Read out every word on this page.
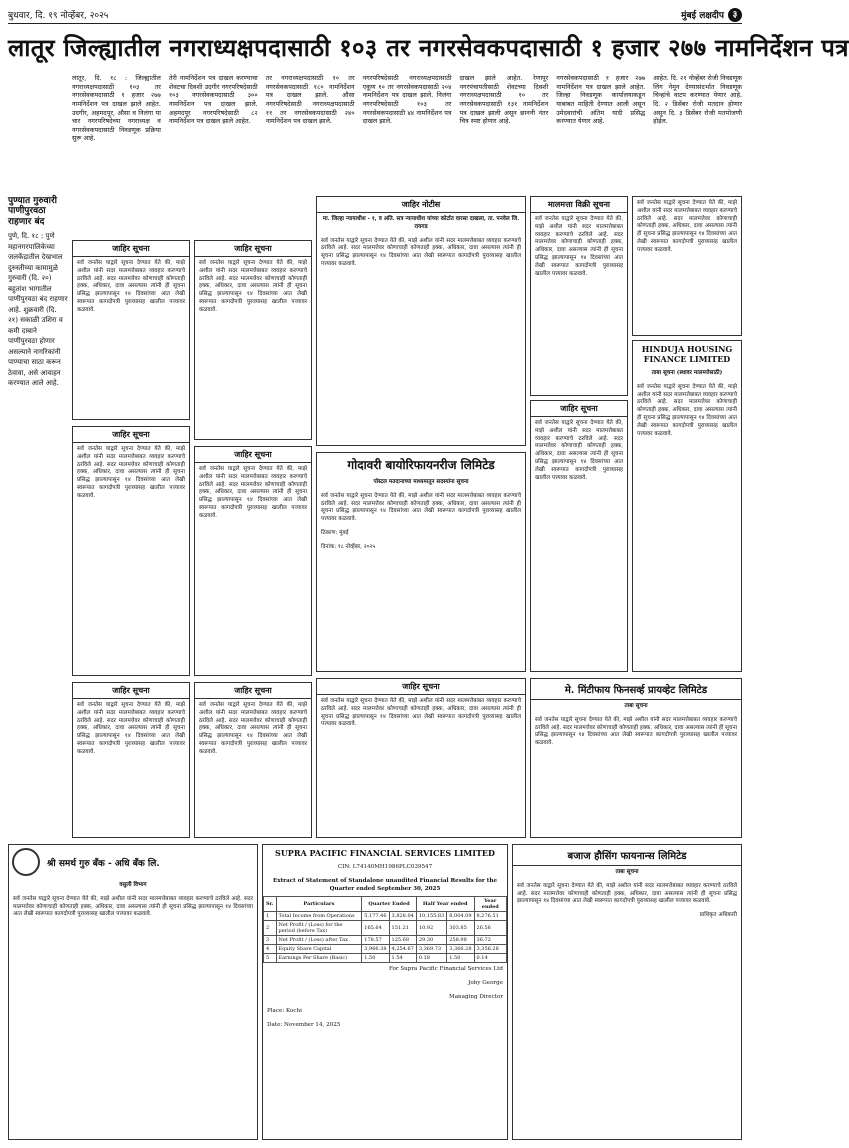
बुधवार, दि. १९ नोव्हेंबर, २०२५	मुंबई लक्षदीप ३
लातूर जिल्ह्यातील नगराध्यक्षपदासाठी १०३ तर नगरसेवकपदासाठी १ हजार २७७ नामनिर्देशन पत्र

लातूर, दि. १८ : जिल्ह्यातील नगराध्यक्षपदासाठी १०३ तर नगरसेवकपदासाठी १ हजार २७७ नामनिर्देशन पत्र दाखल झाले आहेत. उदगीर, अहमदपूर, औसा व निलंगा या चार नगरपरिषदेच्या नगराध्यक्ष व नगरसेवकपदासाठी निवडणूक प्रक्रिया सुरू आहे.

तेरी नामनिर्देशन पत्र दाखल करण्याचा शेवटचा दिवशी उदगीर नगरपरिषदेसाठी १०३ नगरसेवकपदासाठी ३०० नामनिर्देशन पत्र दाखल झाले. अहमदपूर नगरपरिषदेसाठी ८२ नामनिर्देशन पत्र दाखल झाले आहेत.

तर नगराध्यक्षपदासाठी १० तर नगरसेवकपदासाठी १८० नामनिर्देशन पत्र दाखल झाले. औसा नगरपरिषदेसाठी नगराध्यक्षपदासाठी ११ तर नगरसेवकपदासाठी २४० नामनिर्देशन पत्र दाखल झाले.

नगरपरिषदेसाठी नगराध्यक्षपदासाठी एकूण १० तर नगरसेवकपदासाठी २०४ नामनिर्देशन पत्र दाखल झाले. निलंगा नगरपरिषदेसाठी १०३ तर नगरसेवकपदासाठी ४४ नामनिर्देशन पत्र दाखल झाले.

दाखल झाले आहेत. रेणापूर नगरपंचायतीसाठी शेवटच्या दिवशी नगराध्यक्षपदासाठी १० तर नगरसेवकपदासाठी १३१ नामनिर्देशन पत्र दाखल झाली असून छाननी नंतर चित्र स्पष्ट होणार आहे.

नगरसेवकपदासाठी १ हजार २७७ नामनिर्देशन पत्र दाखल झाले आहेत. जिल्हा निवडणूक कार्यालयाकडून याबाबत माहिती देण्यात आली असून उमेदवारांची अंतिम यादी प्रसिद्ध करण्यात येणार आहे.

आहेत. दि. २१ नोव्हेंबर रोजी निवडणूक लिंग नेमून देण्यासंदर्भात निवडणूक चिन्हांचे वाटप करण्यात येणार आहे. दि. २ डिसेंबर रोजी मतदान होणार असून दि. ३ डिसेंबर रोजी मतमोजणी होईल.

पुण्यात गुरुवारी पाणीपुरवठा राहणार बंद
पुणे, दि. १८ : पुणे महानगरपालिकेच्या जलकेंद्रातील देखभाल दुरुस्तीच्या कामामुळे गुरुवारी (दि. २०) बहुतांश भागातील पाणीपुरवठा बंद राहणार आहे. शुक्रवारी (दि. २१) सकाळी उशिरा व कमी दाबाने पाणीपुरवठा होणार असल्याने नागरिकांनी पाण्याचा साठा करून ठेवावा, असे आवाहन करण्यात आले आहे.
जाहिर सूचना
सर्व जनतेस याद्वारे सूचना देण्यात येते की, माझे अशील यांनी सदर मालमत्तेबाबत व्यवहार करण्याचे ठरविले आहे. सदर मालमत्तेवर कोणाचाही कोणताही हक्क, अधिकार, दावा असल्यास त्यांनी ही सूचना प्रसिद्ध झाल्यापासून १४ दिवसांच्या आत लेखी स्वरूपात कागदोपत्री पुराव्यासह खालील पत्त्यावर कळवावे.
जाहिर सूचना
सर्व जनतेस याद्वारे सूचना देण्यात येते की, माझे अशील यांनी सदर मालमत्तेबाबत व्यवहार करण्याचे ठरविले आहे. सदर मालमत्तेवर कोणाचाही कोणताही हक्क, अधिकार, दावा असल्यास त्यांनी ही सूचना प्रसिद्ध झाल्यापासून १४ दिवसांच्या आत लेखी स्वरूपात कागदोपत्री पुराव्यासह खालील पत्त्यावर कळवावे.
जाहिर सूचना
सर्व जनतेस याद्वारे सूचना देण्यात येते की, माझे अशील यांनी सदर मालमत्तेबाबत व्यवहार करण्याचे ठरविले आहे. सदर मालमत्तेवर कोणाचाही कोणताही हक्क, अधिकार, दावा असल्यास त्यांनी ही सूचना प्रसिद्ध झाल्यापासून १४ दिवसांच्या आत लेखी स्वरूपात कागदोपत्री पुराव्यासह खालील पत्त्यावर कळवावे.
जाहिर सूचना
सर्व जनतेस याद्वारे सूचना देण्यात येते की, माझे अशील यांनी सदर मालमत्तेबाबत व्यवहार करण्याचे ठरविले आहे. सदर मालमत्तेवर कोणाचाही कोणताही हक्क, अधिकार, दावा असल्यास त्यांनी ही सूचना प्रसिद्ध झाल्यापासून १४ दिवसांच्या आत लेखी स्वरूपात कागदोपत्री पुराव्यासह खालील पत्त्यावर कळवावे.
जाहिर सूचना
सर्व जनतेस याद्वारे सूचना देण्यात येते की, माझे अशील यांनी सदर मालमत्तेबाबत व्यवहार करण्याचे ठरविले आहे. सदर मालमत्तेवर कोणाचाही कोणताही हक्क, अधिकार, दावा असल्यास त्यांनी ही सूचना प्रसिद्ध झाल्यापासून १४ दिवसांच्या आत लेखी स्वरूपात कागदोपत्री पुराव्यासह खालील पत्त्यावर कळवावे.
जाहिर सूचना
सर्व जनतेस याद्वारे सूचना देण्यात येते की, माझे अशील यांनी सदर मालमत्तेबाबत व्यवहार करण्याचे ठरविले आहे. सदर मालमत्तेवर कोणाचाही कोणताही हक्क, अधिकार, दावा असल्यास त्यांनी ही सूचना प्रसिद्ध झाल्यापासून १४ दिवसांच्या आत लेखी स्वरूपात कागदोपत्री पुराव्यासह खालील पत्त्यावर कळवावे.
जाहिर नोटीस
मा. जिल्हा न्यायाधीश - १, व अति. सत्र न्यायाधीश यांच्या कोर्टात वारसा दाखला, ता. पनवेल जि. रायगड
सर्व जनतेस याद्वारे सूचना देण्यात येते की, माझे अशील यांनी सदर मालमत्तेबाबत व्यवहार करण्याचे ठरविले आहे. सदर मालमत्तेवर कोणाचाही कोणताही हक्क, अधिकार, दावा असल्यास त्यांनी ही सूचना प्रसिद्ध झाल्यापासून १४ दिवसांच्या आत लेखी स्वरूपात कागदोपत्री पुराव्यासह खालील पत्त्यावर कळवावे.
गोदावरी बायोरिफायनरीज लिमिटेड
पोस्टल मतदानाच्या माध्यमातून सदस्यांना सूचना
सर्व जनतेस याद्वारे सूचना देण्यात येते की, माझे अशील यांनी सदर मालमत्तेबाबत व्यवहार करण्याचे ठरविले आहे. सदर मालमत्तेवर कोणाचाही कोणताही हक्क, अधिकार, दावा असल्यास त्यांनी ही सूचना प्रसिद्ध झाल्यापासून १४ दिवसांच्या आत लेखी स्वरूपात कागदोपत्री पुराव्यासह खालील पत्त्यावर कळवावे.
ठिकाण: मुंबई
दिनांक: १८ नोव्हेंबर, २०२५
मालमत्ता विक्री सूचना
सर्व जनतेस याद्वारे सूचना देण्यात येते की, माझे अशील यांनी सदर मालमत्तेबाबत व्यवहार करण्याचे ठरविले आहे. सदर मालमत्तेवर कोणाचाही कोणताही हक्क, अधिकार, दावा असल्यास त्यांनी ही सूचना प्रसिद्ध झाल्यापासून १४ दिवसांच्या आत लेखी स्वरूपात कागदोपत्री पुराव्यासह खालील पत्त्यावर कळवावे.
जाहिर सूचना
सर्व जनतेस याद्वारे सूचना देण्यात येते की, माझे अशील यांनी सदर मालमत्तेबाबत व्यवहार करण्याचे ठरविले आहे. सदर मालमत्तेवर कोणाचाही कोणताही हक्क, अधिकार, दावा असल्यास त्यांनी ही सूचना प्रसिद्ध झाल्यापासून १४ दिवसांच्या आत लेखी स्वरूपात कागदोपत्री पुराव्यासह खालील पत्त्यावर कळवावे.
सर्व जनतेस याद्वारे सूचना देण्यात येते की, माझे अशील यांनी सदर मालमत्तेबाबत व्यवहार करण्याचे ठरविले आहे. सदर मालमत्तेवर कोणाचाही कोणताही हक्क, अधिकार, दावा असल्यास त्यांनी ही सूचना प्रसिद्ध झाल्यापासून १४ दिवसांच्या आत लेखी स्वरूपात कागदोपत्री पुराव्यासह खालील पत्त्यावर कळवावे.
HINDUJA HOUSING FINANCE LIMITED
ताबा सूचना (स्थावर मालमत्तेसाठी)
सर्व जनतेस याद्वारे सूचना देण्यात येते की, माझे अशील यांनी सदर मालमत्तेबाबत व्यवहार करण्याचे ठरविले आहे. सदर मालमत्तेवर कोणाचाही कोणताही हक्क, अधिकार, दावा असल्यास त्यांनी ही सूचना प्रसिद्ध झाल्यापासून १४ दिवसांच्या आत लेखी स्वरूपात कागदोपत्री पुराव्यासह खालील पत्त्यावर कळवावे.
जाहिर सूचना
सर्व जनतेस याद्वारे सूचना देण्यात येते की, माझे अशील यांनी सदर मालमत्तेबाबत व्यवहार करण्याचे ठरविले आहे. सदर मालमत्तेवर कोणाचाही कोणताही हक्क, अधिकार, दावा असल्यास त्यांनी ही सूचना प्रसिद्ध झाल्यापासून १४ दिवसांच्या आत लेखी स्वरूपात कागदोपत्री पुराव्यासह खालील पत्त्यावर कळवावे.
मे. मिंटीफाय फिनसर्व्ह प्रायव्हेट लिमिटेड
ताबा सूचना
सर्व जनतेस याद्वारे सूचना देण्यात येते की, माझे अशील यांनी सदर मालमत्तेबाबत व्यवहार करण्याचे ठरविले आहे. सदर मालमत्तेवर कोणाचाही कोणताही हक्क, अधिकार, दावा असल्यास त्यांनी ही सूचना प्रसिद्ध झाल्यापासून १४ दिवसांच्या आत लेखी स्वरूपात कागदोपत्री पुराव्यासह खालील पत्त्यावर कळवावे.
श्री समर्थ गुरु बँक - अधि बँक लि.
वसुली विभाग
सर्व जनतेस याद्वारे सूचना देण्यात येते की, माझे अशील यांनी सदर मालमत्तेबाबत व्यवहार करण्याचे ठरविले आहे. सदर मालमत्तेवर कोणाचाही कोणताही हक्क, अधिकार, दावा असल्यास त्यांनी ही सूचना प्रसिद्ध झाल्यापासून १४ दिवसांच्या आत लेखी स्वरूपात कागदोपत्री पुराव्यासह खालील पत्त्यावर कळवावे.
SUPRA PACIFIC FINANCIAL SERVICES LIMITED
CIN: L74140MH1986PLC039547
Extract of Statement of Standalone unaudited Financial Results for the Quarter ended September 30, 2025
Sr.	Particulars	Quarter Ended		Half Year ended		Year ended
1	Total Income from Operations	5,177.46	3,828.04	10,155.83	8,004.09	8,276.51
2	Net Profit / (Loss) for the period (before Tax)	165.64	151.21	10.92	303.85	26.56
3	Net Profit / (Loss) after Tax	178.57	125.68	29.30	258.98	36.72
4	Equity Share Capital	3,966.38	4,254.67	3,369.73	3,366.28	3,356.28
5	Earnings Per Share (Basic)	1.50	1.54	0.18	1.50	0.14
For Supra Pacific Financial Services Ltd
Joby George
Managing Director
Place: Kochi
Date: November 14, 2025
बजाज हौसिंग फायनान्स लिमिटेड
ताबा सूचना
सर्व जनतेस याद्वारे सूचना देण्यात येते की, माझे अशील यांनी सदर मालमत्तेबाबत व्यवहार करण्याचे ठरविले आहे. सदर मालमत्तेवर कोणाचाही कोणताही हक्क, अधिकार, दावा असल्यास त्यांनी ही सूचना प्रसिद्ध झाल्यापासून १४ दिवसांच्या आत लेखी स्वरूपात कागदोपत्री पुराव्यासह खालील पत्त्यावर कळवावे.
प्राधिकृत अधिकारी
